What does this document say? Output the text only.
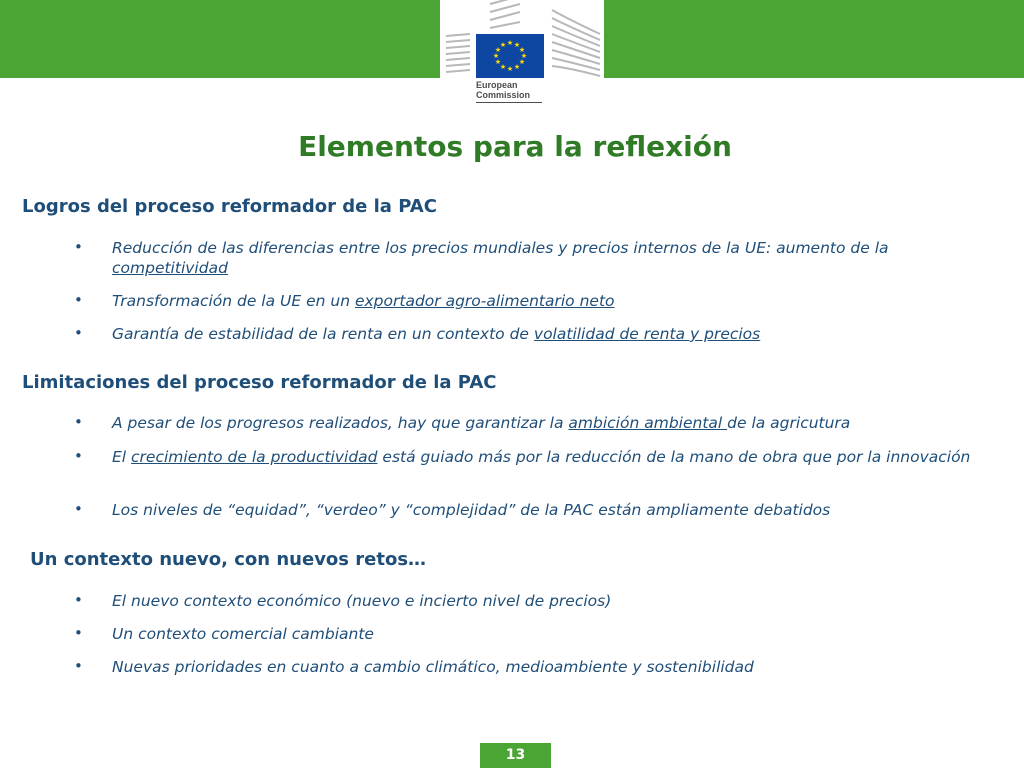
★ ★
★
★
★
★
★
★
★
★
★
★
European
Commission
Elementos para la reflexión
Logros del proceso reformador de la PAC
• Reducción de las diferencias entre los precios mundiales y precios internos de la UE: aumento de la competitividad
• Transformación de la UE en un exportador agro-alimentario neto
• Garantía de estabilidad de la renta en un contexto de volatilidad de renta y precios
Limitaciones del proceso reformador de la PAC
• A pesar de los progresos realizados, hay que garantizar la ambición ambiental de la agricutura
• El crecimiento de la productividad está guiado más por la reducción de la mano de obra que por la innovación
• Los niveles de “equidad”, “verdeo” y “complejidad” de la PAC están ampliamente debatidos
Un contexto nuevo, con nuevos retos…
• El nuevo contexto económico (nuevo e incierto nivel de precios)
• Un contexto comercial cambiante
• Nuevas prioridades en cuanto a cambio climático, medioambiente y sostenibilidad
13
